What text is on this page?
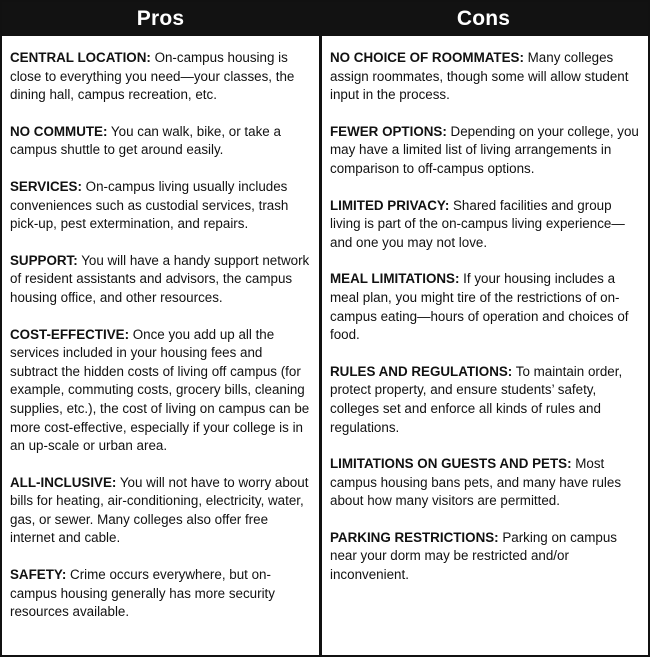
Pros	Cons

CENTRAL LOCATION: On-campus housing is close to everything you need—your classes, the dining hall, campus recreation, etc.

NO COMMUTE: You can walk, bike, or take a campus shuttle to get around easily.

SERVICES: On-campus living usually includes conveniences such as custodial services, trash pick-up, pest extermination, and repairs.

SUPPORT: You will have a handy support network of resident assistants and advisors, the campus housing office, and other resources.

COST-EFFECTIVE: Once you add up all the services included in your housing fees and subtract the hidden costs of living off campus (for example, commuting costs, grocery bills, cleaning supplies, etc.), the cost of living on campus can be more cost-effective, especially if your college is in an up-scale or urban area.

ALL-INCLUSIVE: You will not have to worry about bills for heating, air-conditioning, electricity, water, gas, or sewer. Many colleges also offer free internet and cable.

SAFETY: Crime occurs everywhere, but on-campus housing generally has more security resources available.

NO CHOICE OF ROOMMATES: Many colleges assign roommates, though some will allow student input in the process.

FEWER OPTIONS: Depending on your college, you may have a limited list of living arrangements in comparison to off-campus options.

LIMITED PRIVACY: Shared facilities and group living is part of the on-campus living experience—and one you may not love.

MEAL LIMITATIONS: If your housing includes a meal plan, you might tire of the restrictions of on-campus eating—hours of operation and choices of food.

RULES AND REGULATIONS: To maintain order, protect property, and ensure students’ safety, colleges set and enforce all kinds of rules and regulations.

LIMITATIONS ON GUESTS AND PETS: Most campus housing bans pets, and many have rules about how many visitors are permitted.

PARKING RESTRICTIONS: Parking on campus near your dorm may be restricted and/or inconvenient.
